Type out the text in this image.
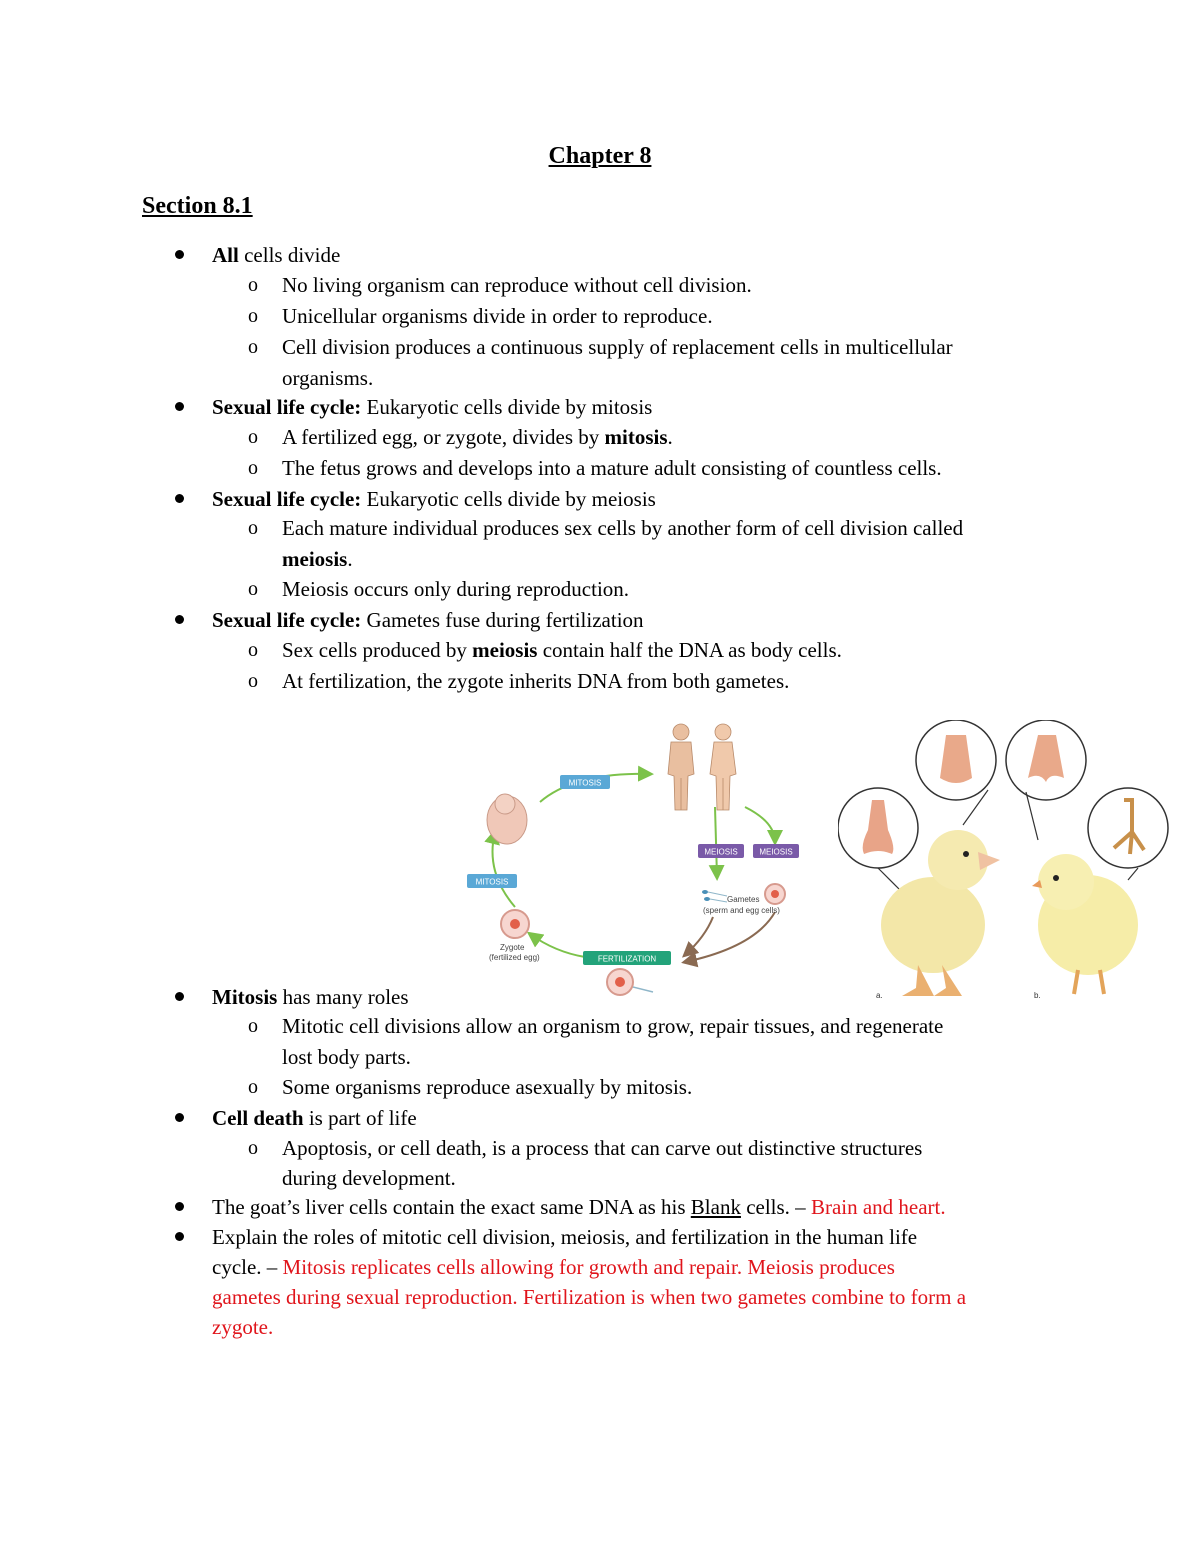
Chapter 8
Section 8.1
All cells divide
o No living organism can reproduce without cell division.
o Unicellular organisms divide in order to reproduce.
o Cell division produces a continuous supply of replacement cells in multicellular
organisms.
Sexual life cycle: Eukaryotic cells divide by mitosis
o A fertilized egg, or zygote, divides by mitosis.
o The fetus grows and develops into a mature adult consisting of countless cells.
Sexual life cycle: Eukaryotic cells divide by meiosis
o Each mature individual produces sex cells by another form of cell division called
meiosis.
o Meiosis occurs only during reproduction.
Sexual life cycle: Gametes fuse during fertilization
o Sex cells produced by meiosis contain half the DNA as body cells.
o At fertilization, the zygote inherits DNA from both gametes.
MITOSIS
MITOSIS
MEIOSIS	MEIOSIS
FERTILIZATION
Gametes
(sperm and egg cells)
Zygote
(fertilized egg)
a.	b.
Mitosis has many roles
o Mitotic cell divisions allow an organism to grow, repair tissues, and regenerate
lost body parts.
o Some organisms reproduce asexually by mitosis.
Cell death is part of life
o Apoptosis, or cell death, is a process that can carve out distinctive structures
during development.
The goat’s liver cells contain the exact same DNA as his Blank cells. – Brain and heart.
Explain the roles of mitotic cell division, meiosis, and fertilization in the human life
cycle. – Mitosis replicates cells allowing for growth and repair. Meiosis produces
gametes during sexual reproduction. Fertilization is when two gametes combine to form a
zygote.
